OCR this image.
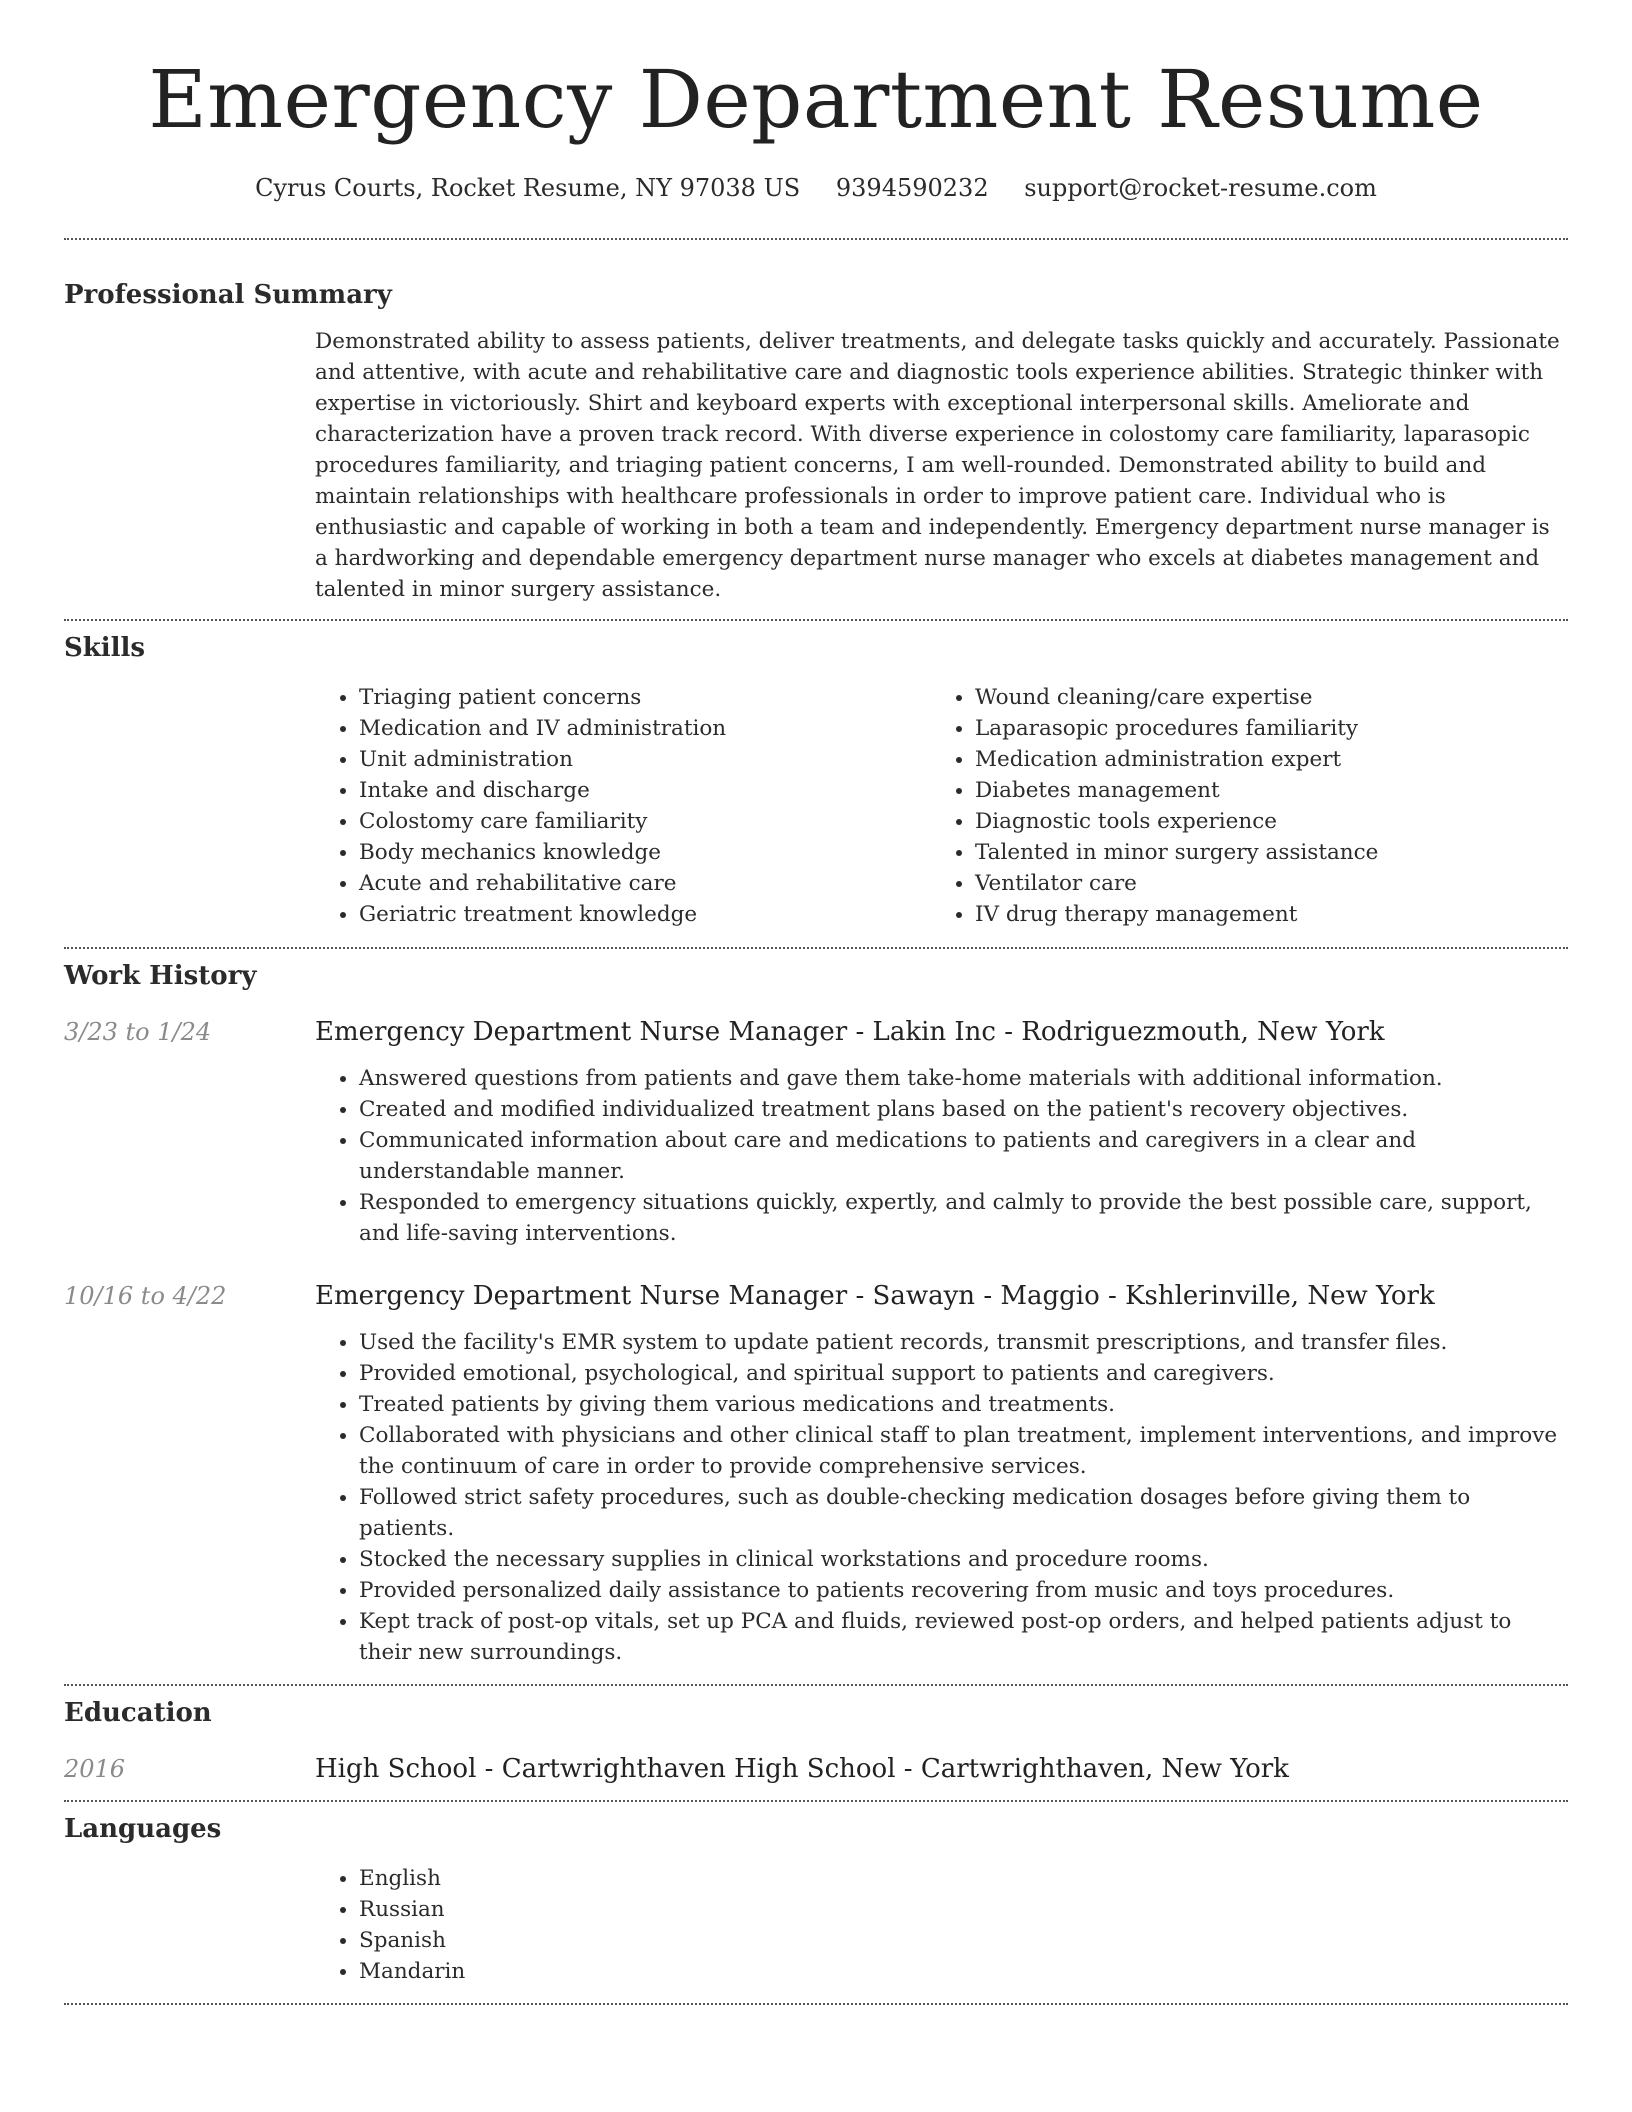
Emergency Department Resume
Cyrus Courts, Rocket Resume, NY 97038 US 9394590232 support@rocket-resume.com
Professional Summary
Demonstrated ability to assess patients, deliver treatments, and delegate tasks quickly and accurately. Passionate and attentive, with acute and rehabilitative care and diagnostic tools experience abilities. Strategic thinker with expertise in victoriously. Shirt and keyboard experts with exceptional interpersonal skills. Ameliorate and characterization have a proven track record. With diverse experience in colostomy care familiarity, laparasopic procedures familiarity, and triaging patient concerns, I am well-rounded. Demonstrated ability to build and maintain relationships with healthcare professionals in order to improve patient care. Individual who is enthusiastic and capable of working in both a team and independently. Emergency department nurse manager is a hardworking and dependable emergency department nurse manager who excels at diabetes management and talented in minor surgery assistance.
Skills
• Triaging patient concerns
• Medication and IV administration
• Unit administration
• Intake and discharge
• Colostomy care familiarity
• Body mechanics knowledge
• Acute and rehabilitative care
• Geriatric treatment knowledge
• Wound cleaning/care expertise
• Laparasopic procedures familiarity
• Medication administration expert
• Diabetes management
• Diagnostic tools experience
• Talented in minor surgery assistance
• Ventilator care
• IV drug therapy management
Work History
3/23 to 1/24	Emergency Department Nurse Manager - Lakin Inc - Rodriguezmouth, New York
• Answered questions from patients and gave them take-home materials with additional information.
• Created and modified individualized treatment plans based on the patient's recovery objectives.
• Communicated information about care and medications to patients and caregivers in a clear and understandable manner.
• Responded to emergency situations quickly, expertly, and calmly to provide the best possible care, support, and life-saving interventions.
10/16 to 4/22	Emergency Department Nurse Manager - Sawayn - Maggio - Kshlerinville, New York
• Used the facility's EMR system to update patient records, transmit prescriptions, and transfer files.
• Provided emotional, psychological, and spiritual support to patients and caregivers.
• Treated patients by giving them various medications and treatments.
• Collaborated with physicians and other clinical staff to plan treatment, implement interventions, and improve the continuum of care in order to provide comprehensive services.
• Followed strict safety procedures, such as double-checking medication dosages before giving them to patients.
• Stocked the necessary supplies in clinical workstations and procedure rooms.
• Provided personalized daily assistance to patients recovering from music and toys procedures.
• Kept track of post-op vitals, set up PCA and fluids, reviewed post-op orders, and helped patients adjust to their new surroundings.
Education
2016	High School - Cartwrighthaven High School - Cartwrighthaven, New York
Languages
• English
• Russian
• Spanish
• Mandarin
